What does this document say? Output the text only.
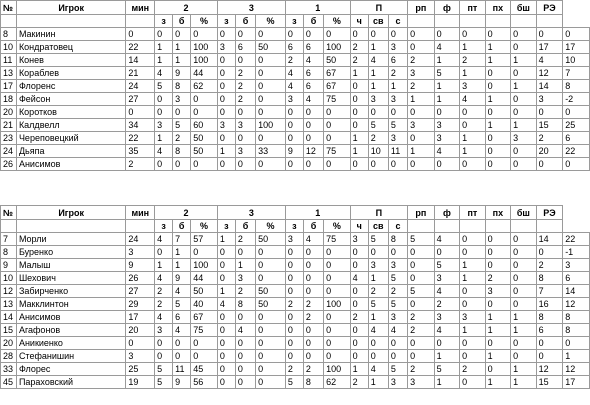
№	Игрок	мин	2			3			1			П			рп	ф	пт	пх	бш	РЭ	
			з	б	%	з	б	%	з	б	%	ч	св	с							
8	Макинин	0	0	0	0	0	0	0	0	0	0	0	0	0	0	0	0	0	0	0	0
10	Кондратовец	22	1	1	100	3	6	50	6	6	100	2	1	3	0	4	1	1	0	17	17
11	Конев	14	1	1	100	0	0	0	2	4	50	2	4	6	2	1	2	1	1	4	10
13	Кораблев	21	4	9	44	0	2	0	4	6	67	1	1	2	3	5	1	0	0	12	7
17	Флоренс	24	5	8	62	0	2	0	4	6	67	0	1	1	2	1	3	0	1	14	8
18	Фейсон	27	0	3	0	0	2	0	3	4	75	0	3	3	1	1	4	1	0	3	-2
20	Коротков	0	0	0	0	0	0	0	0	0	0	0	0	0	0	0	0	0	0	0	0
21	Калдвелл	34	3	5	60	3	3	100	0	0	0	0	5	5	3	3	0	1	1	15	25
23	Череповецкий	22	1	2	50	0	0	0	0	0	0	1	2	3	0	3	1	0	3	2	6
24	Дьяпа	35	4	8	50	1	3	33	9	12	75	1	10	11	1	4	1	0	0	20	22
26	Анисимов	2	0	0	0	0	0	0	0	0	0	0	0	0	0	0	0	0	0	0	0
№	Игрок	мин	2			3			1			П			рп	ф	пт	пх	бш	РЭ	
			з	б	%	з	б	%	з	б	%	ч	св	с							
7	Морли	24	4	7	57	1	2	50	3	4	75	3	5	8	5	4	0	0	0	14	22
8	Буренко	3	0	1	0	0	0	0	0	0	0	0	0	0	0	0	0	0	0	0	-1
9	Малыш	9	1	1	100	0	1	0	0	0	0	0	3	3	0	5	1	0	0	2	3
10	Шехович	26	4	9	44	0	3	0	0	0	0	4	1	5	0	3	1	2	0	8	6
12	Забирченко	27	2	4	50	1	2	50	0	0	0	0	2	2	5	4	0	3	0	7	14
13	Макклинтон	29	2	5	40	4	8	50	2	2	100	0	5	5	0	2	0	0	0	16	12
14	Анисимов	17	4	6	67	0	0	0	0	2	0	2	1	3	2	3	3	1	1	8	8
15	Агафонов	20	3	4	75	0	4	0	0	0	0	0	4	4	2	4	1	1	1	6	8
20	Аникиенко	0	0	0	0	0	0	0	0	0	0	0	0	0	0	0	0	0	0	0	0
28	Стефанишин	3	0	0	0	0	0	0	0	0	0	0	0	0	0	1	0	1	0	0	1
33	Флорес	25	5	11	45	0	0	0	2	2	100	1	4	5	2	5	2	0	1	12	12
45	Параховский	19	5	9	56	0	0	0	5	8	62	2	1	3	3	1	0	1	1	15	17
